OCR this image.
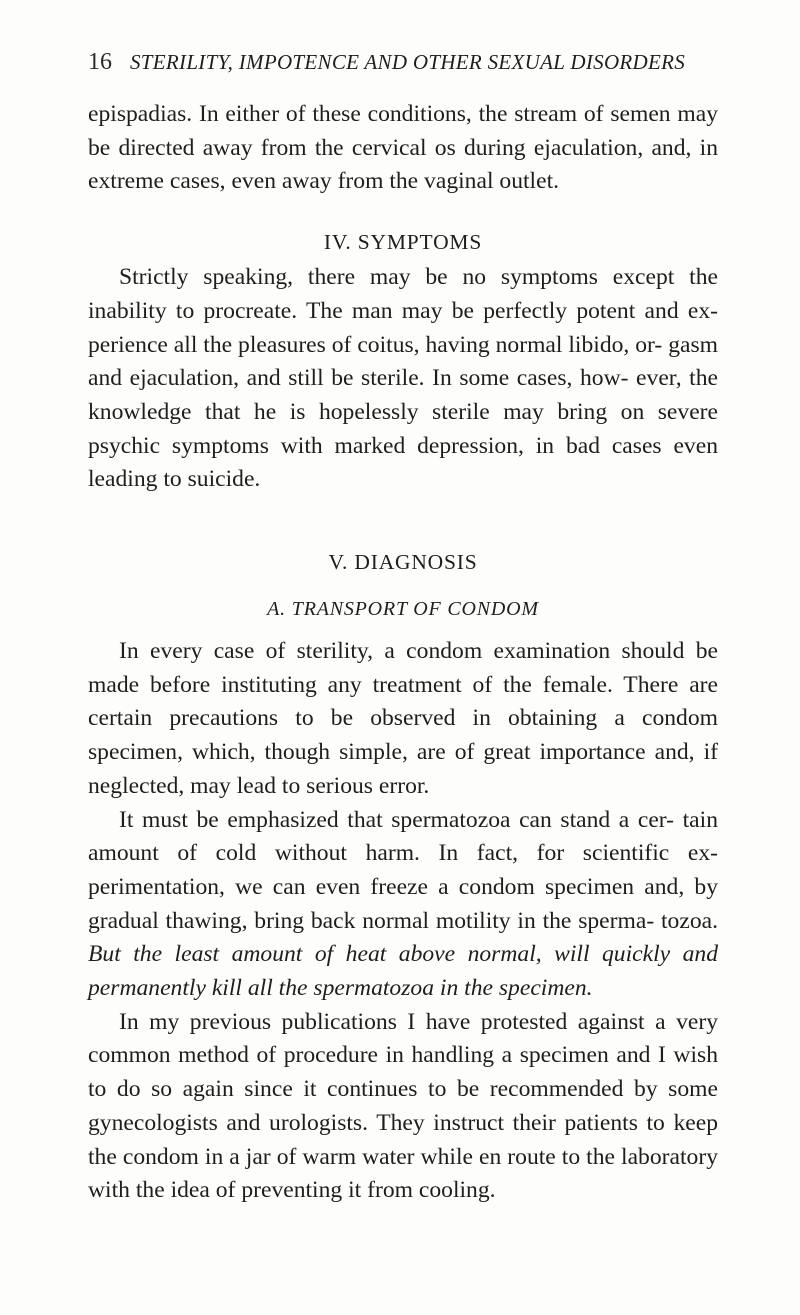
16 STERILITY, IMPOTENCE AND OTHER SEXUAL DISORDERS

epispadias. In either of these conditions, the stream of semen may be directed away from the cervical os during ejaculation, and, in extreme cases, even away from the vaginal outlet.

IV. SYMPTOMS

Strictly speaking, there may be no symptoms except the inability to procreate. The man may be perfectly potent and ex- perience all the pleasures of coitus, having normal libido, or- gasm and ejaculation, and still be sterile. In some cases, how- ever, the knowledge that he is hopelessly sterile may bring on severe psychic symptoms with marked depression, in bad cases even leading to suicide.

V. DIAGNOSIS
A. TRANSPORT OF CONDOM

In every case of sterility, a condom examination should be made before instituting any treatment of the female. There are certain precautions to be observed in obtaining a condom specimen, which, though simple, are of great importance and, if neglected, may lead to serious error.

It must be emphasized that spermatozoa can stand a cer- tain amount of cold without harm. In fact, for scientific ex- perimentation, we can even freeze a condom specimen and, by gradual thawing, bring back normal motility in the sperma- tozoa. But the least amount of heat above normal, will quickly and permanently kill all the spermatozoa in the specimen.

In my previous publications I have protested against a very common method of procedure in handling a specimen and I wish to do so again since it continues to be recommended by some gynecologists and urologists. They instruct their patients to keep the condom in a jar of warm water while en route to the laboratory with the idea of preventing it from cooling.
